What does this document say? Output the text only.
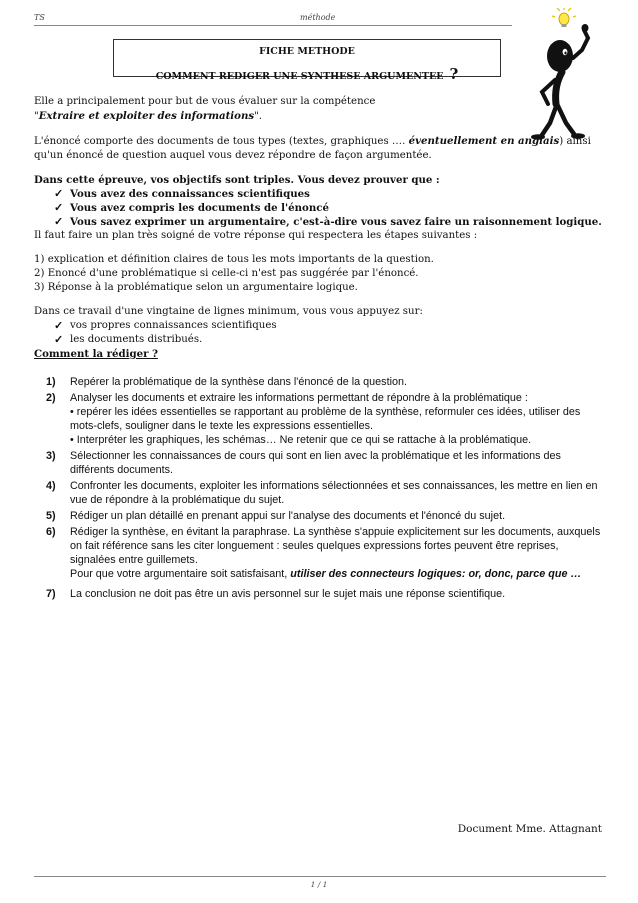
TS	méthode
FICHE METHODE
COMMENT REDIGER UNE SYNTHESE ARGUMENTEE ?

Elle a principalement pour but de vous évaluer sur la compétence
"Extraire et exploiter des informations".

L'énoncé comporte des documents de tous types (textes, graphiques …. éventuellement en anglais) ainsi qu'un énoncé de question auquel vous devez répondre de façon argumentée.

Dans cette épreuve, vos objectifs sont triples. Vous devez prouver que :

✓ Vous avez des connaissances scientifiques
✓ Vous avez compris les documents de l'énoncé
✓ Vous savez exprimer un argumentaire, c'est-à-dire vous savez faire un raisonnement logique.

Il faut faire un plan très soigné de votre réponse qui respectera les étapes suivantes :

1) explication et définition claires de tous les mots importants de la question.

2) Enoncé d'une problématique si celle-ci n'est pas suggérée par l'énoncé.

3) Réponse à la problématique selon un argumentaire logique.

Dans ce travail d'une vingtaine de lignes minimum, vous vous appuyez sur:

✓ vos propres connaissances scientifiques
✓ les documents distribués.

Comment la rédiger ?

1) Repérer la problématique de la synthèse dans l'énoncé de la question.
2) Analyser les documents et extraire les informations permettant de répondre à la problématique :
• repérer les idées essentielles se rapportant au problème de la synthèse, reformuler ces idées, utiliser des mots-clefs, souligner dans le texte les expressions essentielles.
• Interpréter les graphiques, les schémas… Ne retenir que ce qui se rattache à la problématique.
3) Sélectionner les connaissances de cours qui sont en lien avec la problématique et les informations des différents documents.
4) Confronter les documents, exploiter les informations sélectionnées et ses connaissances, les mettre en lien en vue de répondre à la problématique du sujet.
5) Rédiger un plan détaillé en prenant appui sur l'analyse des documents et l'énoncé du sujet.
6) Rédiger la synthèse, en évitant la paraphrase. La synthèse s'appuie explicitement sur les documents, auxquels on fait référence sans les citer longuement : seules quelques expressions fortes peuvent être reprises, signalées entre guillemets.
Pour que votre argumentaire soit satisfaisant, utiliser des connecteurs logiques: or, donc, parce que …
7) La conclusion ne doit pas être un avis personnel sur le sujet mais une réponse scientifique.
Document Mme. Attagnant
1 / 1
